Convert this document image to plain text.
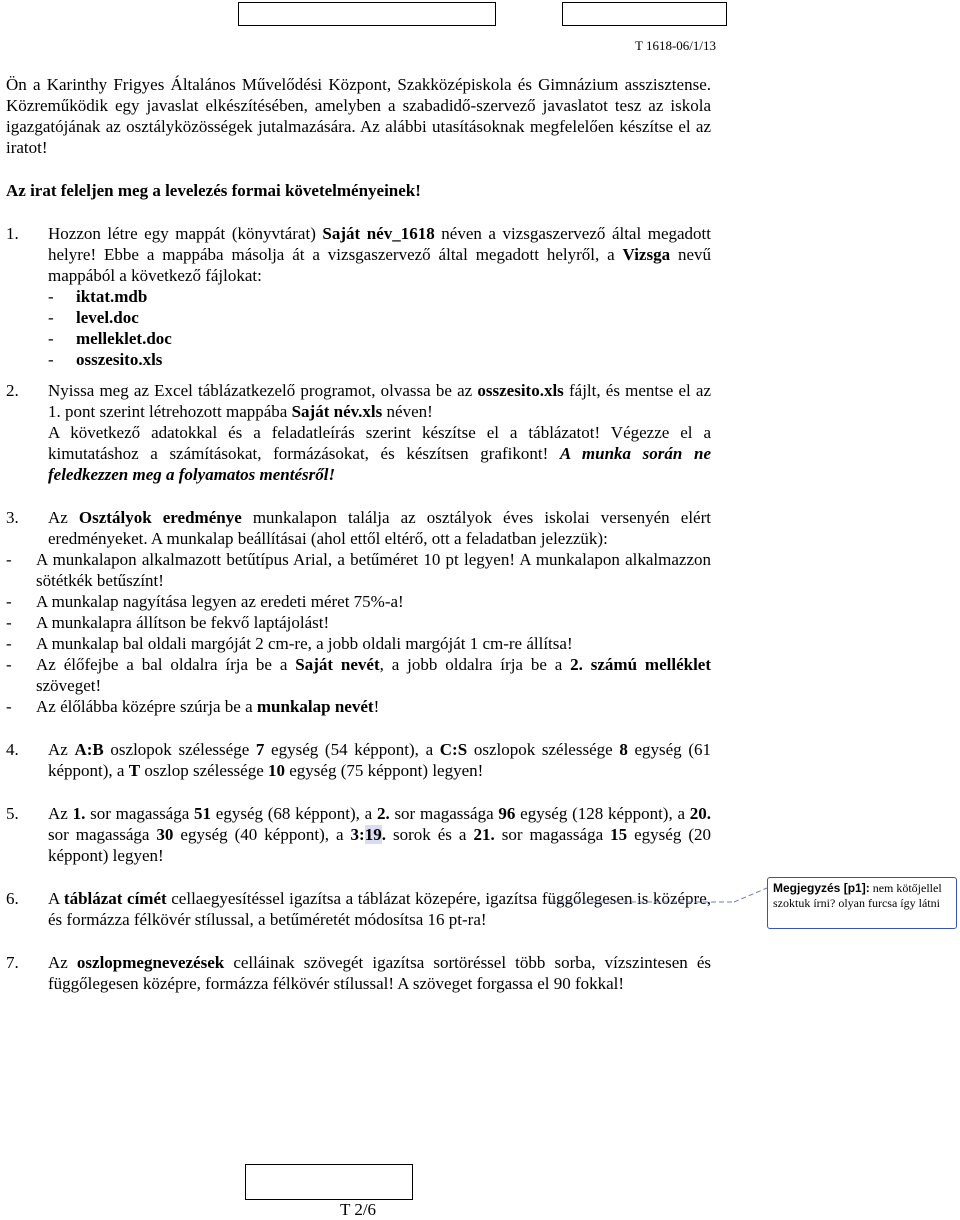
T 1618-06/1/13

Ön a Karinthy Frigyes Általános Művelődési Központ, Szakközépiskola és Gimnázium asszisztense. Közreműködik egy javaslat elkészítésében, amelyben a szabadidő-szervező javaslatot tesz az iskola igazgatójának az osztályközösségek jutalmazására. Az alábbi utasításoknak megfelelően készítse el az iratot!

Az irat feleljen meg a levelezés formai követelményeinek!

1.	Hozzon létre egy mappát (könyvtárat) Saját név_1618 néven a vizsgaszervező által megadott helyre! Ebbe a mappába másolja át a vizsgaszervező által megadott helyről, a Vizsga nevű mappából a következő fájlokat:

-	iktat.mdb
-	level.doc
-	melleklet.doc
-	osszesito.xls
2.	Nyissa meg az Excel táblázatkezelő programot, olvassa be az osszesito.xls fájlt, és mentse el az 1. pont szerint létrehozott mappába Saját név.xls néven!

A következő adatokkal és a feladatleírás szerint készítse el a táblázatot! Végezze el a kimutatáshoz a számításokat, formázásokat, és készítsen grafikont! A munka során ne feledkezzen meg a folyamatos mentésről!

3.	Az Osztályok eredménye munkalapon találja az osztályok éves iskolai versenyén elért eredményeket. A munkalap beállításai (ahol ettől eltérő, ott a feladatban jelezzük):

-	A munkalapon alkalmazott betűtípus Arial, a betűméret 10 pt legyen! A munkalapon alkalmazzon sötétkék betűszínt!
-	A munkalap nagyítása legyen az eredeti méret 75%-a!
-	A munkalapra állítson be fekvő laptájolást!
-	A munkalap bal oldali margóját 2 cm-re, a jobb oldali margóját 1 cm-re állítsa!
-	Az élőfejbe a bal oldalra írja be a Saját nevét, a jobb oldalra írja be a 2. számú melléklet szöveget!
-	Az élőlábba középre szúrja be a munkalap nevét!
4.	Az A:B oszlopok szélessége 7 egység (54 képpont), a C:S oszlopok szélessége 8 egység (61 képpont), a T oszlop szélessége 10 egység (75 képpont) legyen!

5.	Az 1. sor magassága 51 egység (68 képpont), a 2. sor magassága 96 egység (128 képpont), a 20. sor magassága 30 egység (40 képpont), a 3:19. sorok és a 21. sor magassága 15 egység (20 képpont) legyen!

6.	A táblázat címét cellaegyesítéssel igazítsa a táblázat közepére, igazítsa függőlegesen is középre, és formázza félkövér stílussal, a betűméretét módosítsa 16 pt-ra!

7.	Az oszlopmegnevezések celláinak szövegét igazítsa sortöréssel több sorba, vízszintesen és függőlegesen középre, formázza félkövér stílussal! A szöveget forgassa el 90 fokkal!

Megjegyzés [p1]: nem kötőjellel szoktuk írni? olyan furcsa így látni
T 2/6
